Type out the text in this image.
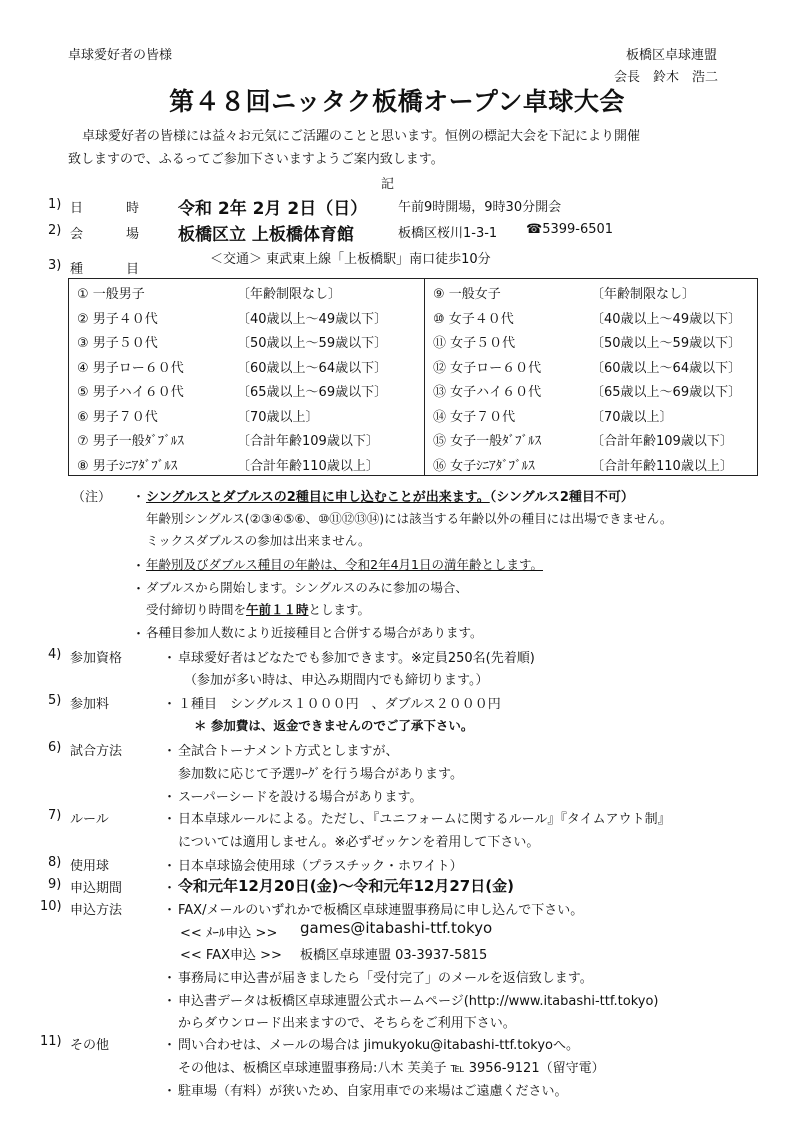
卓球愛好者の皆様	板橋区卓球連盟
会長　鈴木　浩二
第４８回ニッタク板橋オープン卓球大会
卓球愛好者の皆様には益々お元気にご活躍のことと思います。恒例の標記大会を下記により開催
致しますので、ふるってご参加下さいますようご案内致します。
記
1) 日	時 令和 2年 2月 2日（日） 午前9時開場，9時30分開会
2) 会	場 板橋区立 上板橋体育館	板橋区桜川1-3-1 ☎5399-6501
＜交通＞ 東武東上線「上板橋駅」南口徒歩10分
3) 種	目
① 一般男子	〔年齢制限なし〕
② 男子４０代	〔40歳以上～49歳以下〕
③ 男子５０代	〔50歳以上～59歳以下〕
④ 男子ロー６０代	〔60歳以上～64歳以下〕
⑤ 男子ハイ６０代	〔65歳以上～69歳以下〕
⑥ 男子７０代	〔70歳以上〕
⑦ 男子一般ﾀﾞﾌﾞﾙｽ	〔合計年齢109歳以下〕
⑧ 男子ｼﾆｱﾀﾞﾌﾞﾙｽ	〔合計年齢110歳以上〕
⑨ 一般女子	〔年齢制限なし〕
⑩ 女子４０代	〔40歳以上～49歳以下〕
⑪ 女子５０代	〔50歳以上～59歳以下〕
⑫ 女子ロー６０代	〔60歳以上～64歳以下〕
⑬ 女子ハイ６０代	〔65歳以上～69歳以下〕
⑭ 女子７０代	〔70歳以上〕
⑮ 女子一般ﾀﾞﾌﾞﾙｽ	〔合計年齢109歳以下〕
⑯ 女子ｼﾆｱﾀﾞﾌﾞﾙｽ	〔合計年齢110歳以上〕
（注） ・ シングルスとダブルスの2種目に申し込むことが出来ます。（シングルス2種目不可）
年齢別シングルス(②③④⑤⑥、⑩⑪⑫⑬⑭)には該当する年齢以外の種目には出場できません。
ミックスダブルスの参加は出来ません。
・ 年齢別及びダブルス種目の年齢は、令和2年4月1日の満年齢とします。
・ ダブルスから開始します。シングルスのみに参加の場合、
受付締切り時間を午前１１時とします。
・ 各種目参加人数により近接種目と合併する場合があります。
4) 参加資格	・ 卓球愛好者はどなたでも参加できます。※定員250名(先着順)
（参加が多い時は、申込み期間内でも締切ります。）
5) 参加料	・ １種目　シングルス１０００円　、ダブルス２０００円
＊ 参加費は、返金できませんのでご了承下さい。
6) 試合方法	・ 全試合トーナメント方式としますが、
参加数に応じて予選ﾘｰｸﾞを行う場合があります。
・ スーパーシードを設ける場合があります。
7) ルール	・ 日本卓球ルールによる。ただし、『ユニフォームに関するルール』『タイムアウト制』
については適用しません。※必ずゼッケンを着用して下さい。
8) 使用球	・ 日本卓球協会使用球（プラスチック・ホワイト）
9) 申込期間	・ 令和元年12月20日(金)～令和元年12月27日(金)
10) 申込方法	・ FAX/メールのいずれかで板橋区卓球連盟事務局に申し込んで下さい。
<< ﾒｰﾙ申込 >> games@itabashi-ttf.tokyo
<< FAX申込 >> 板橋区卓球連盟 03-3937-5815
・ 事務局に申込書が届きましたら「受付完了」のメールを返信致します。
・ 申込書データは板橋区卓球連盟公式ホームページ(http://www.itabashi-ttf.tokyo)
からダウンロード出来ますので、そちらをご利用下さい。
11) その他	・ 問い合わせは、メールの場合は jimukyoku@itabashi-ttf.tokyoへ。
その他は、板橋区卓球連盟事務局:八木 芙美子 ℡ 3956-9121（留守電）
・ 駐車場（有料）が狭いため、自家用車での来場はご遠慮ください。
